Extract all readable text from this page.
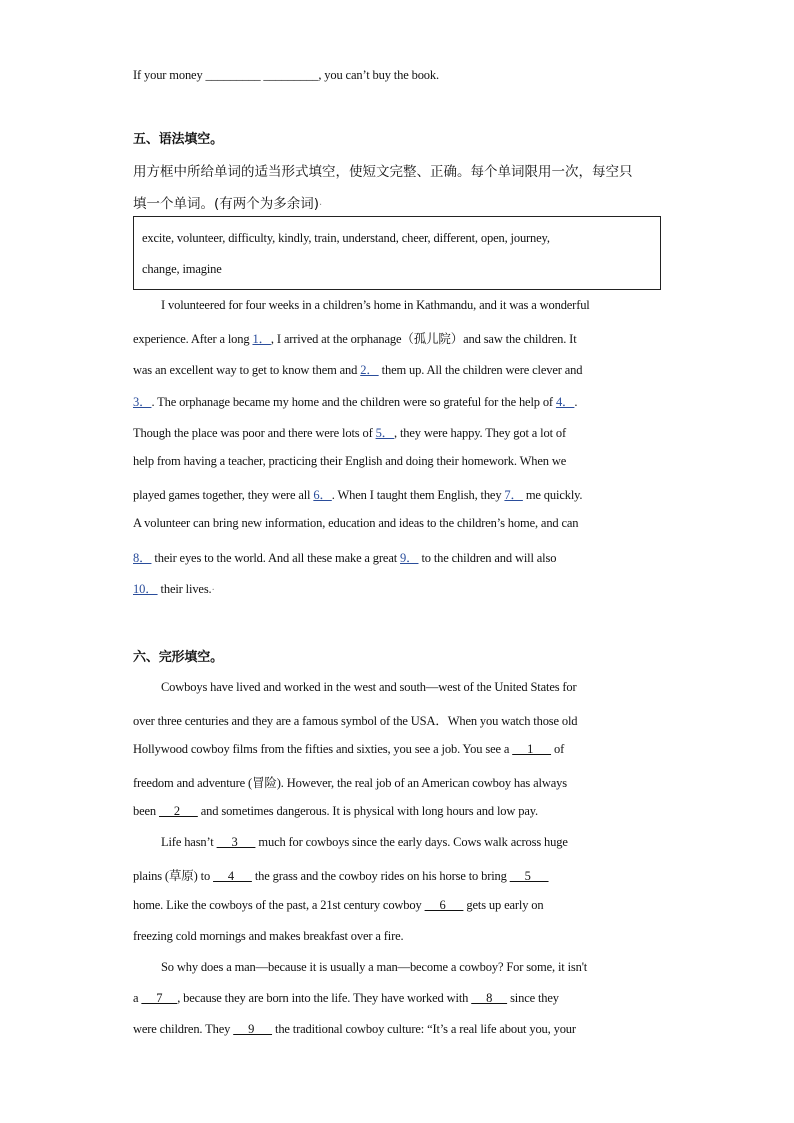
If your money _________ _________, you can’t buy the book.
五、语法填空。
用方框中所给单词的适当形式填空，使短文完整、正确。每个单词限用一次，每空只
填一个单词。(有两个为多余词)·
I volunteered for four weeks in a children’s home in Kathmandu, and it was a wonderful
experience. After a long 1．, I arrived at the orphanage（孤儿院）and saw the children. It
was an excellent way to get to know them and 2． them up. All the children were clever and
3．. The orphanage became my home and the children were so grateful for the help of 4．.
Though the place was poor and there were lots of 5．, they were happy. They got a lot of
help from having a teacher, practicing their English and doing their homework. When we
played games together, they were all 6．. When I taught them English, they 7． me quickly.
A volunteer can bring new information, education and ideas to the children’s home, and can
8． their eyes to the world. And all these make a great 9． to the children and will also
10． their lives.·
六、完形填空。
Cowboys have lived and worked in the west and south—west of the United States for
over three centuries and they are a famous symbol of the USA．When you watch those old
Hollywood cowboy films from the fifties and sixties, you see a job. You see a      1       of
freedom and adventure (冒险). However, the real job of an American cowboy has always
been      2       and sometimes dangerous. It is physical with long hours and low pay.
Life hasn’t      3       much for cowboys since the early days. Cows walk across huge
plains (草原) to      4       the grass and the cowboy rides on his horse to bring      5
home. Like the cowboys of the past, a 21st century cowboy      6       gets up early on
freezing cold mornings and makes breakfast over a fire.
So why does a man—because it is usually a man—become a cowboy? For some, it isn't
a      7     , because they are born into the life. They have worked with      8      since they
were children. They      9       the traditional cowboy culture: “It’s a real life about you, your
excite, volunteer, difficulty, kindly, train, understand, cheer, different, open, journey,
change, imagine
